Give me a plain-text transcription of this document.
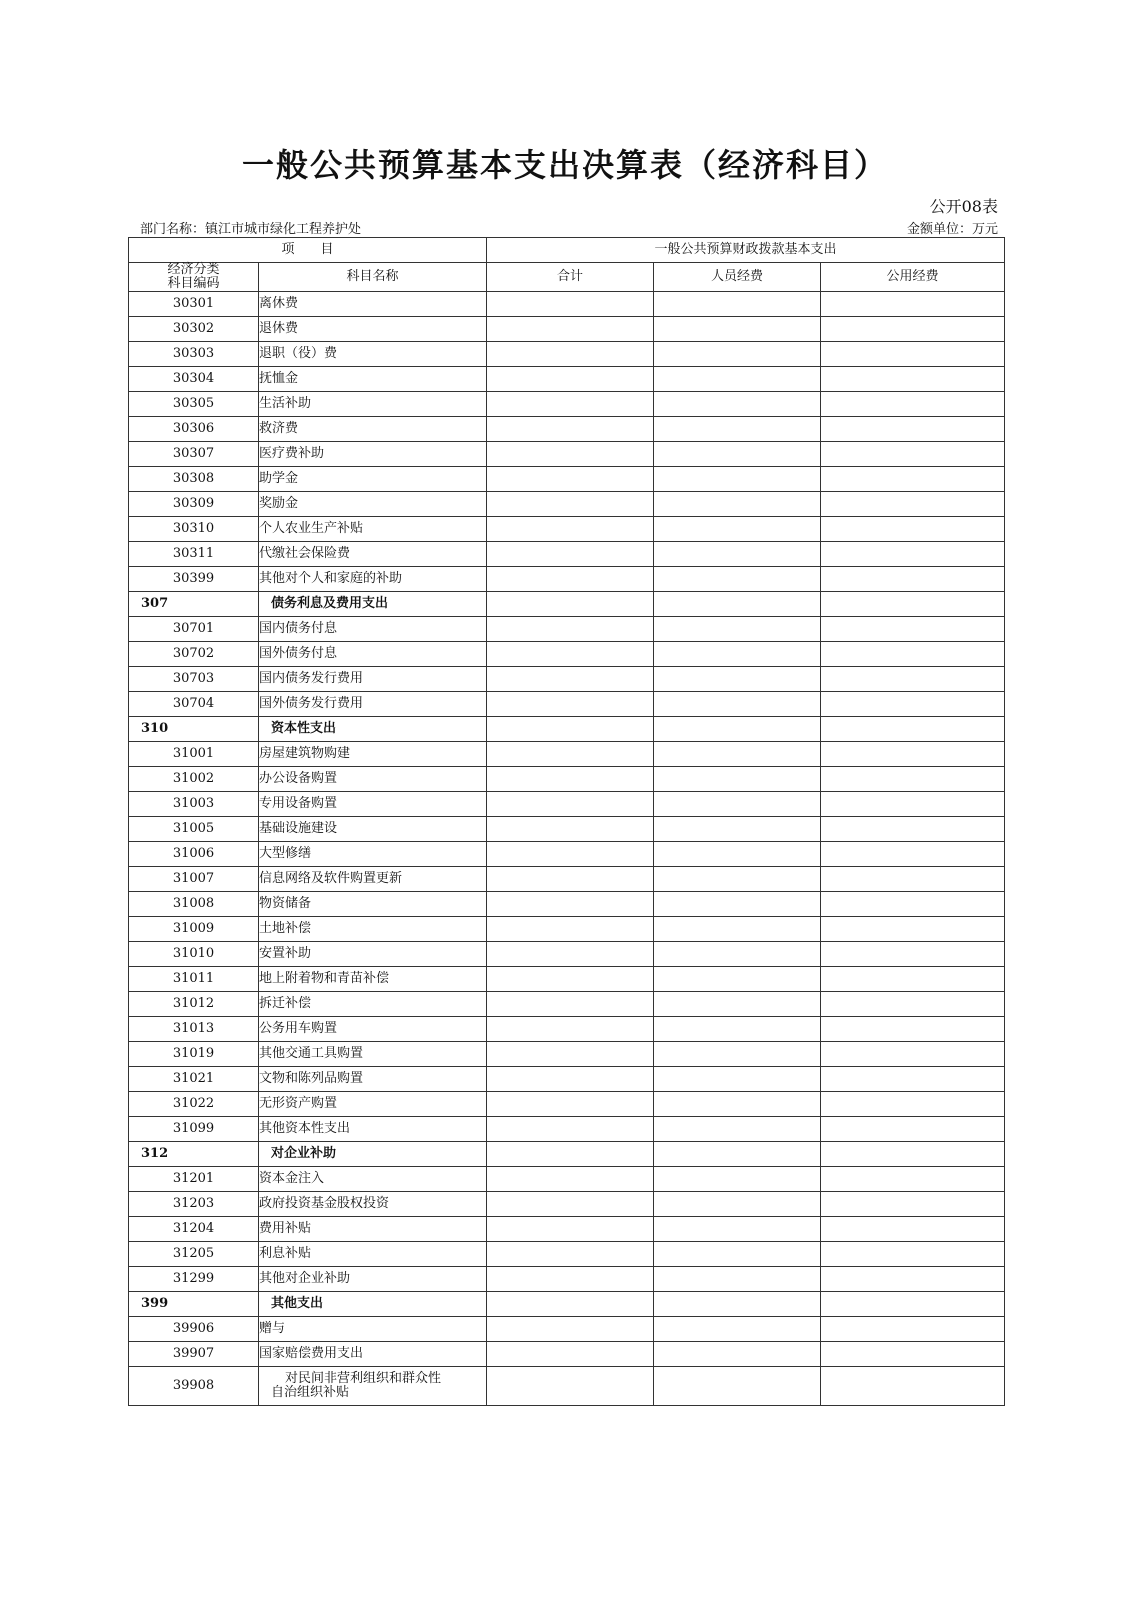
一般公共预算基本支出决算表（经济科目）
公开08表
部门名称：镇江市城市绿化工程养护处	金额单位：万元
项　　目		一般公共预算财政拨款基本支出		
经济分类
科目编码	科目名称	合计	人员经费	公用经费
30301	离休费			
30302	退休费			
30303	退职（役）费			
30304	抚恤金			
30305	生活补助			
30306	救济费			
30307	医疗费补助			
30308	助学金			
30309	奖励金			
30310	个人农业生产补贴			
30311	代缴社会保险费			
30399	其他对个人和家庭的补助			
307	债务利息及费用支出			
30701	国内债务付息			
30702	国外债务付息			
30703	国内债务发行费用			
30704	国外债务发行费用			
310	资本性支出			
31001	房屋建筑物购建			
31002	办公设备购置			
31003	专用设备购置			
31005	基础设施建设			
31006	大型修缮			
31007	信息网络及软件购置更新			
31008	物资储备			
31009	土地补偿			
31010	安置补助			
31011	地上附着物和青苗补偿			
31012	拆迁补偿			
31013	公务用车购置			
31019	其他交通工具购置			
31021	文物和陈列品购置			
31022	无形资产购置			
31099	其他资本性支出			
312	对企业补助			
31201	资本金注入			
31203	政府投资基金股权投资			
31204	费用补贴			
31205	利息补贴			
31299	其他对企业补助			
399	其他支出			
39906	赠与			
39907	国家赔偿费用支出			
39908	对民间非营利组织和群众性
自治组织补贴			
